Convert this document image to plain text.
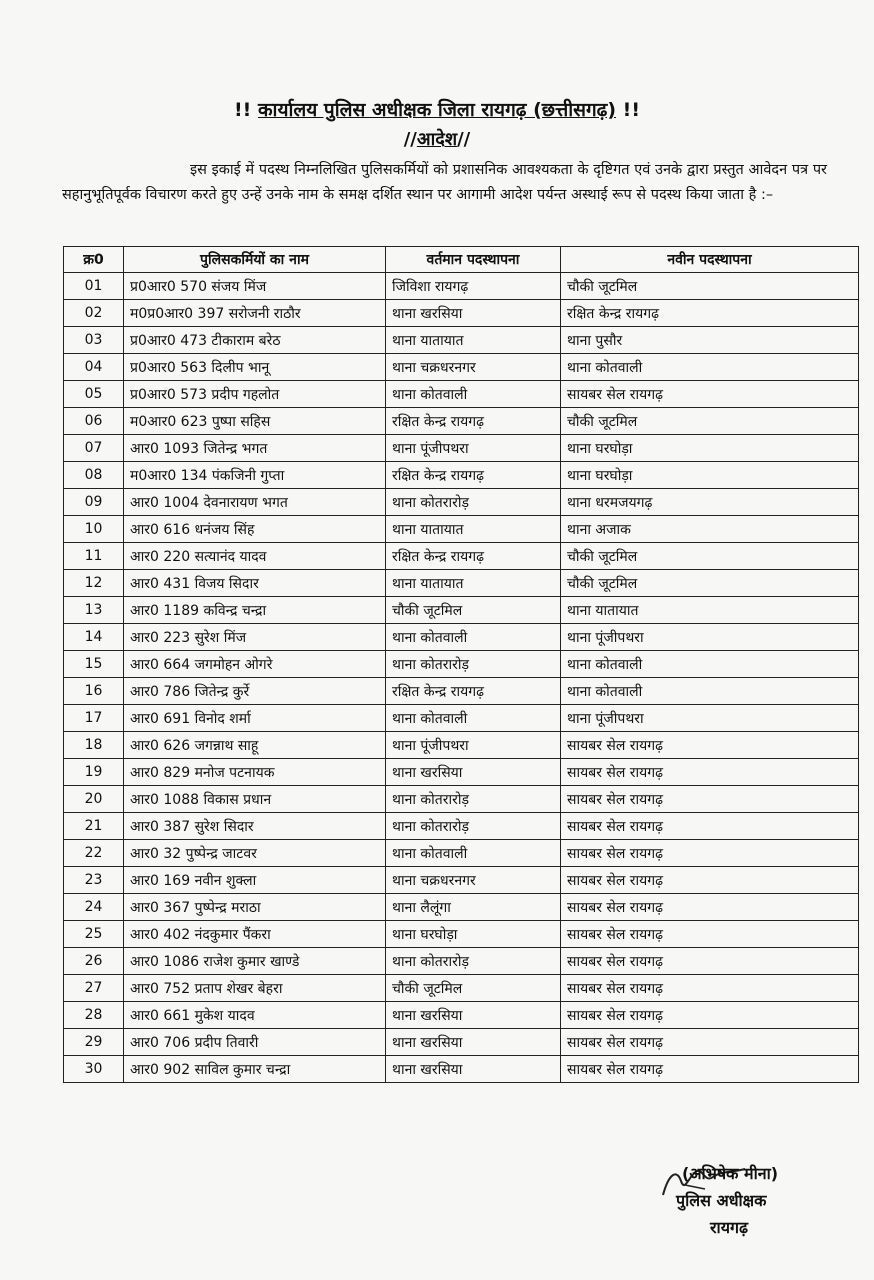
!! कार्यालय पुलिस अधीक्षक जिला रायगढ़ (छत्तीसगढ़) !!
//आदेश//
इस इकाई में पदस्थ निम्नलिखित पुलिसकर्मियों को प्रशासनिक आवश्यकता के दृष्टिगत एवं उनके द्वारा प्रस्तुत आवेदन पत्र पर सहानुभूतिपूर्वक विचारण करते हुए उन्हें उनके नाम के समक्ष दर्शित स्थान पर आगामी आदेश पर्यन्त अस्थाई रूप से पदस्थ किया जाता है :–
क्र0	पुलिसकर्मियों का नाम	वर्तमान पदस्थापना	नवीन पदस्थापना
01	प्र0आर0 570 संजय मिंज	जिविशा रायगढ़	चौकी जूटमिल
02	म0प्र0आर0 397 सरोजनी राठौर	थाना खरसिया	रक्षित केन्द्र रायगढ़
03	प्र0आर0 473 टीकाराम बरेठ	थाना यातायात	थाना पुसौर
04	प्र0आर0 563 दिलीप भानू	थाना चक्रधरनगर	थाना कोतवाली
05	प्र0आर0 573 प्रदीप गहलोत	थाना कोतवाली	सायबर सेल रायगढ़
06	म0आर0 623 पुष्पा सहिस	रक्षित केन्द्र रायगढ़	चौकी जूटमिल
07	आर0 1093 जितेन्द्र भगत	थाना पूंजीपथरा	थाना घरघोड़ा
08	म0आर0 134 पंकजिनी गुप्ता	रक्षित केन्द्र रायगढ़	थाना घरघोड़ा
09	आर0 1004 देवनारायण भगत	थाना कोतरारोड़	थाना धरमजयगढ़
10	आर0 616 धनंजय सिंह	थाना यातायात	थाना अजाक
11	आर0 220 सत्यानंद यादव	रक्षित केन्द्र रायगढ़	चौकी जूटमिल
12	आर0 431 विजय सिदार	थाना यातायात	चौकी जूटमिल
13	आर0 1189 कविन्द्र चन्द्रा	चौकी जूटमिल	थाना यातायात
14	आर0 223 सुरेश मिंज	थाना कोतवाली	थाना पूंजीपथरा
15	आर0 664 जगमोहन ओगरे	थाना कोतरारोड़	थाना कोतवाली
16	आर0 786 जितेन्द्र कुर्रे	रक्षित केन्द्र रायगढ़	थाना कोतवाली
17	आर0 691 विनोद शर्मा	थाना कोतवाली	थाना पूंजीपथरा
18	आर0 626 जगन्नाथ साहू	थाना पूंजीपथरा	सायबर सेल रायगढ़
19	आर0 829 मनोज पटनायक	थाना खरसिया	सायबर सेल रायगढ़
20	आर0 1088 विकास प्रधान	थाना कोतरारोड़	सायबर सेल रायगढ़
21	आर0 387 सुरेश सिदार	थाना कोतरारोड़	सायबर सेल रायगढ़
22	आर0 32 पुष्पेन्द्र जाटवर	थाना कोतवाली	सायबर सेल रायगढ़
23	आर0 169 नवीन शुक्ला	थाना चक्रधरनगर	सायबर सेल रायगढ़
24	आर0 367 पुष्पेन्द्र मराठा	थाना लैलूंगा	सायबर सेल रायगढ़
25	आर0 402 नंदकुमार पैंकरा	थाना घरघोड़ा	सायबर सेल रायगढ़
26	आर0 1086 राजेश कुमार खाण्डे	थाना कोतरारोड़	सायबर सेल रायगढ़
27	आर0 752 प्रताप शेखर बेहरा	चौकी जूटमिल	सायबर सेल रायगढ़
28	आर0 661 मुकेश यादव	थाना खरसिया	सायबर सेल रायगढ़
29	आर0 706 प्रदीप तिवारी	थाना खरसिया	सायबर सेल रायगढ़
30	आर0 902 साविल कुमार चन्द्रा	थाना खरसिया	सायबर सेल रायगढ़
(अभिषेक मीना)
पुलिस अधीक्षक
रायगढ़
